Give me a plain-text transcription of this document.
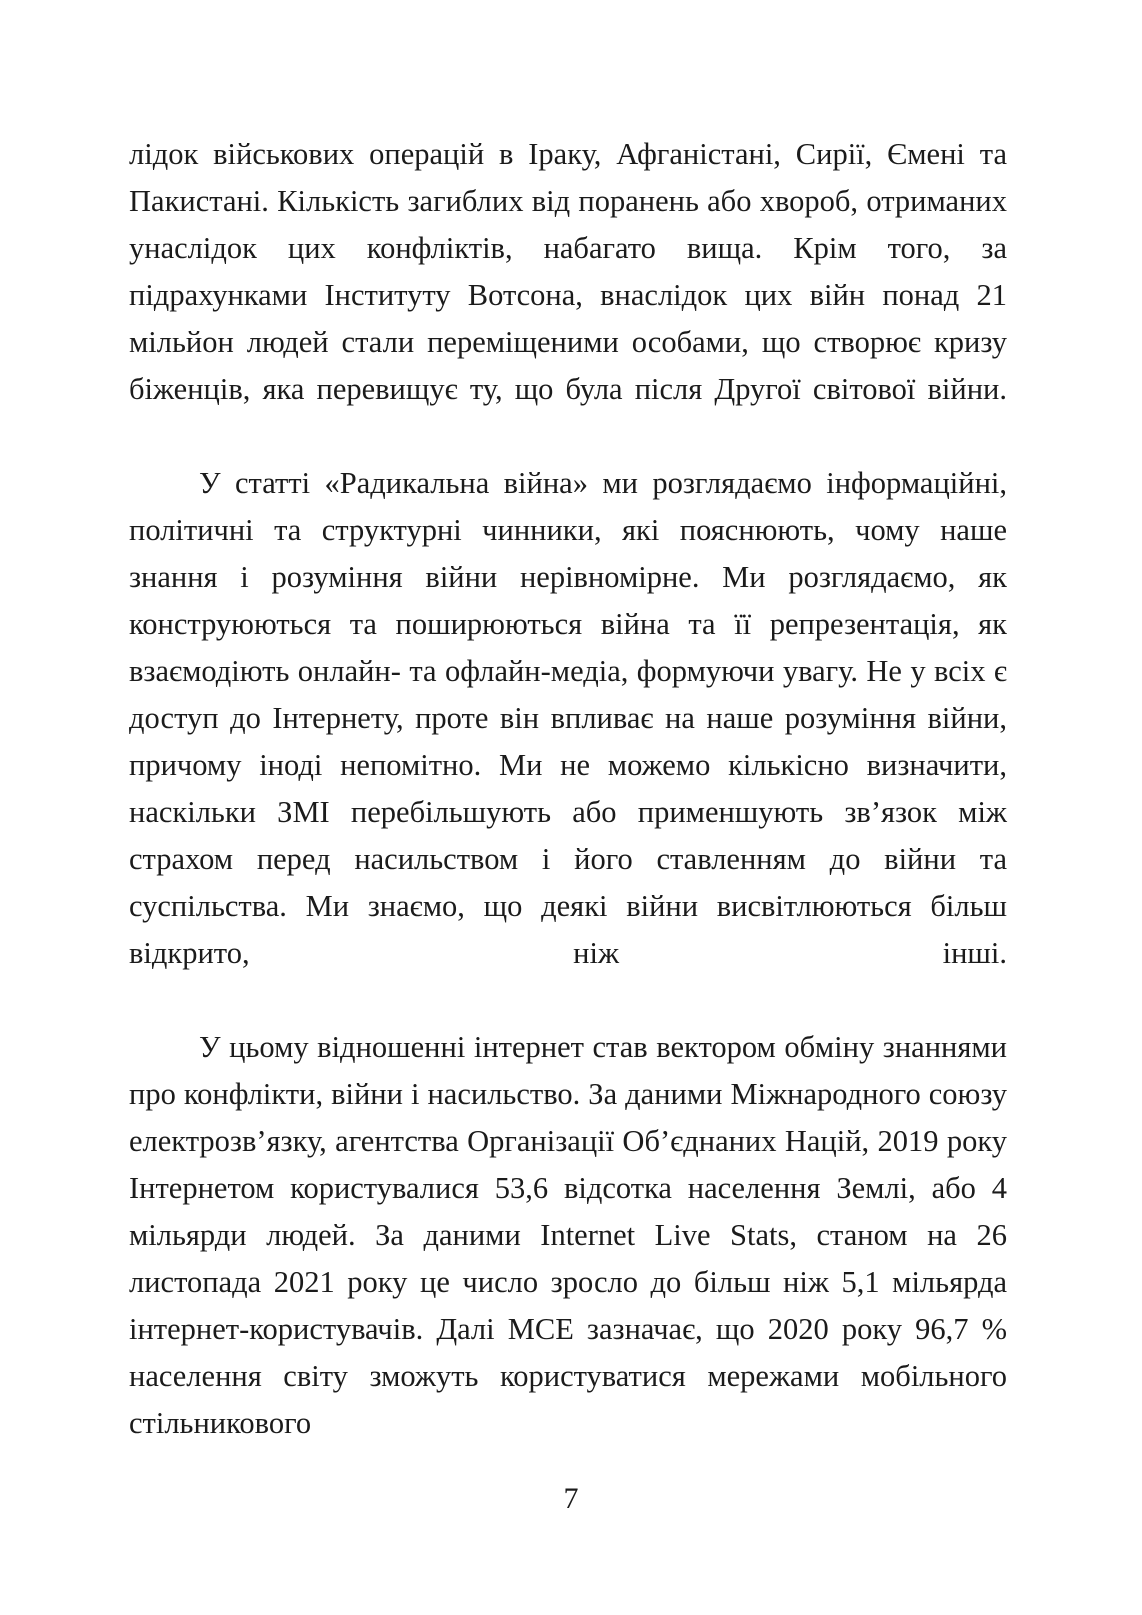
лідок військових операцій в Іраку, Афганістані, Сирії, Ємені та Пакистані. Кількість загиблих від поранень або хвороб, отриманих унаслідок цих конфліктів, набагато вища. Крім того, за підрахунками Інституту Вотсона, внаслідок цих війн понад 21 мільйон людей стали переміщеними особами, що створює кризу біженців, яка перевищує ту, що була після Другої світової війни.

У статті «Радикальна війна» ми розглядаємо інформаційні, політичні та структурні чинники, які пояснюють, чому наше знання і розуміння війни нерівномірне. Ми розглядаємо, як конструюються та поширюються війна та її репрезентація, як взаємодіють онлайн- та офлайн-медіа, формуючи увагу. Не у всіх є доступ до Інтернету, проте він впливає на наше розуміння війни, причому іноді непомітно. Ми не можемо кількісно визначити, наскільки ЗМІ перебільшують або применшують зв’язок між страхом перед насильством і його ставленням до війни та суспільства. Ми знаємо, що деякі війни висвітлюються більш відкрито, ніж інші.

У цьому відношенні інтернет став вектором обміну знаннями про конфлікти, війни і насильство. За даними Міжнародного союзу електрозв’язку, агентства Організації Об’єднаних Націй, 2019 року Інтернетом користувалися 53,6 відсотка населення Землі, або 4 мільярди людей. За даними Internet Live Stats, станом на 26 листопада 2021 року це число зросло до більш ніж 5,1 мільярда інтернет-користувачів. Далі МСЕ зазначає, що 2020 року 96,7 % населення світу зможуть користуватися мережами мобільного стільникового

7
